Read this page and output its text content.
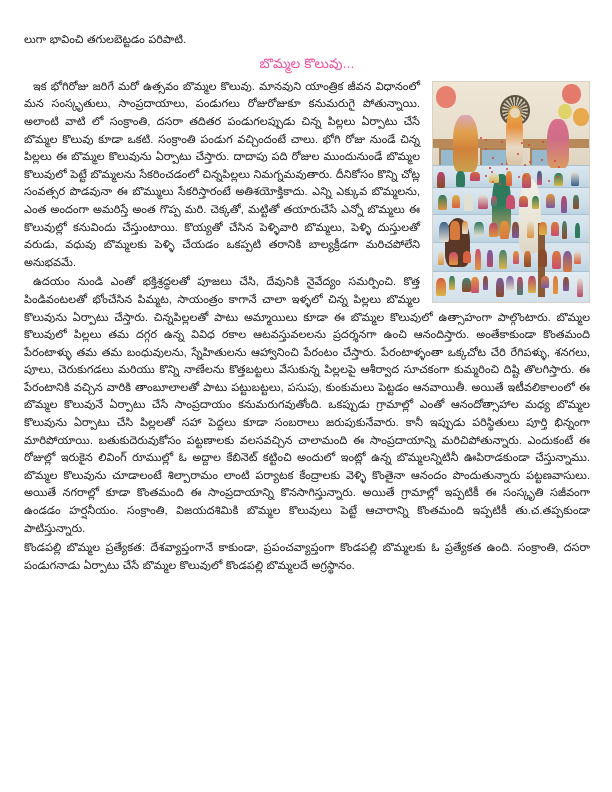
లుగా భావించి తగులబెట్టడం పరిపాటి.

బొమ్మల కొలువు...

ఇక భోగిరోజు జరిగే మరో ఉత్సవం బొమ్మల కొలువు. మానవుని యాంత్రిక జీవన విధానంలో మన సంస్కృతులు, సాంప్రదాయాలు, పండుగలు రోజురోజుకూ కనుమరుగై పోతున్నాయి. అలాంటి వాటి లో సంక్రాంతి, దసరా తదితర పండుగలప్పుడు చిన్న పిల్లలు ఏర్పాటు చేసే బొమ్మల కొలువు కూడా ఒకటి. సంక్రాంతి పండుగ వచ్చిందంటే చాలు. భోగి రోజు నుండే చిన్న పిల్లలు ఈ బొమ్మల కొలువును ఏర్పాటు చేస్తారు. దాదాపు పది రోజుల ముందునుండే బొమ్మల కొలువులో పెట్టే బొమ్మలను సేకరించడంలో చిన్నపిల్లలు నిమగ్నమవుతారు. దీనికోసం కొన్ని చోట్ల సంవత్సర పొడవునా ఈ బొమ్ములు సేకరిస్తారంటే అతిశయోక్తికాదు. ఎన్ని ఎక్కువ బొమ్మలను, ఎంత అందంగా అమరిస్తే అంత గొప్ప మరి. చెక్కతో, మట్టితో తయారుచేసే ఎన్నో బొమ్మలు ఈ కొలువుల్లో కనువిందు చేస్తుంటాయి. కొయ్యతో చేసిన పెళ్ళివారి బొమ్మలు, పెళ్ళి దుస్తులతో వరుడు, వధువు బొమ్మలకు పెళ్ళి చేయడం ఒకప్పటి తరానికి బాల్యక్రీడగా మరిచపోలేని అనుభవమే.

ఉదయం నుండి ఎంతో భక్తిశ్రద్ధలతో పూజలు చేసి, దేవునికి నైవేద్యం సమర్పించి. కొత్త పిండివంటలతో భోంచేసిన పిమ్మట, సాయంత్రం కాగానే చాలా ఇళ్ళలో చిన్న పిల్లలు బొమ్మల కొలువును ఏర్పాటు చేస్తారు. చిన్నపిల్లలతో పాటు అమ్మాయిలు కూడా ఈ బొమ్మల కొలువులో ఉత్సాహంగా పాల్గొంటారు. బొమ్మల కొలువులో పిల్లలు తమ దగ్గర ఉన్న వివిధ రకాల ఆటవస్తువలలను ప్రదర్శనగా ఉంచి ఆనందిస్తారు. అంతేకాకుండా కొంతమంది పేరంటాళ్ళు తమ తమ బంధువులను, స్నేహితులను ఆహ్వానించి పేరంటం చేస్తారు. పేరంటాళ్ళంతా ఒక్కచోట చేరి రేగిపళ్ళు, శనగలు, పూలు, చెరుకుగడలు మరియు కొన్ని నాణేలను కొత్తబట్టలు వేసుకున్న పిల్లలపై ఆశీర్వాద సూచకంగా కుమ్మరించి దిష్టి తొలగిస్తారు. ఈ పేరంటానికి వచ్చిన వారికి తాంబూలాలతో పాటు పట్టుబట్టలు, పసుపు, కుంకుమలు పెట్టడం ఆనవాయితీ. అయితే ఇటీవలికాలంలో ఈ బొమ్మల కొలువునే ఏర్పాటు చేసే సాంప్రదాయం కనుమరుగవుతోంది. ఒకప్పుడు గ్రామాల్లో ఎంతో ఆనందోత్సాహాల మధ్య బొమ్మల కొలువును ఏర్పాటు చేసి పిల్లలతో సహా పెద్దలు కూడా సంబరాలు జరుపుకునేవారు. కానీ ఇప్పుడు పరిస్థితులు పూర్తి భిన్నంగా మారిపోయాయి. బతుకుదెరువుకోసం పట్టణాలకు వలసవచ్చిన చాలామంది ఈ సాంప్రదాయాన్ని మరిచిపోతున్నారు. ఎందుకంటే ఈ రోజుల్లో ఇరుకైన లివింగ్ రూముల్లో ఓ అద్దాల కేబినెట్ కట్టించి అందులో ఇంట్లో ఉన్న బొమ్మలన్నిటినీ ఊపిరాడకుండా చేస్తున్నాము. బొమ్మల కొలువును చూడాలంటే శిల్పారామం లాంటి పర్యాటక కేంద్రాలకు వెళ్ళి కొంతైనా ఆనందం పొందుతున్నారు పట్టణవాసులు. అయితే నగరాల్లో కూడా కొంతమంది ఈ సాంప్రదాయాన్ని కొనసాగిస్తున్నారు. అయితే గ్రామాల్లో ఇప్పటికీ ఈ సంస్కృతి సజీవంగా ఉండడం హర్షనీయం. సంక్రాంతి, విజయదశిమికి బొమ్మల కొలువులు పెట్టే ఆచారాన్ని కొంతమంది ఇప్పటికీ తు.చ.తప్పకుండా పాటిస్తున్నారు.

కొండపల్లి బొమ్మల ప్రత్యేకత: దేశవ్యాప్తంగానే కాకుండా, ప్రపంచవ్యాప్తంగా కొండపల్లి బొమ్మలకు ఓ ప్రత్యేకత ఉంది. సంక్రాంతి, దసరా పండుగనాడు ఏర్పాటు చేసే బొమ్మల కొలువులో కొండపల్లి బొమ్మలదే అగ్రస్థానం.
